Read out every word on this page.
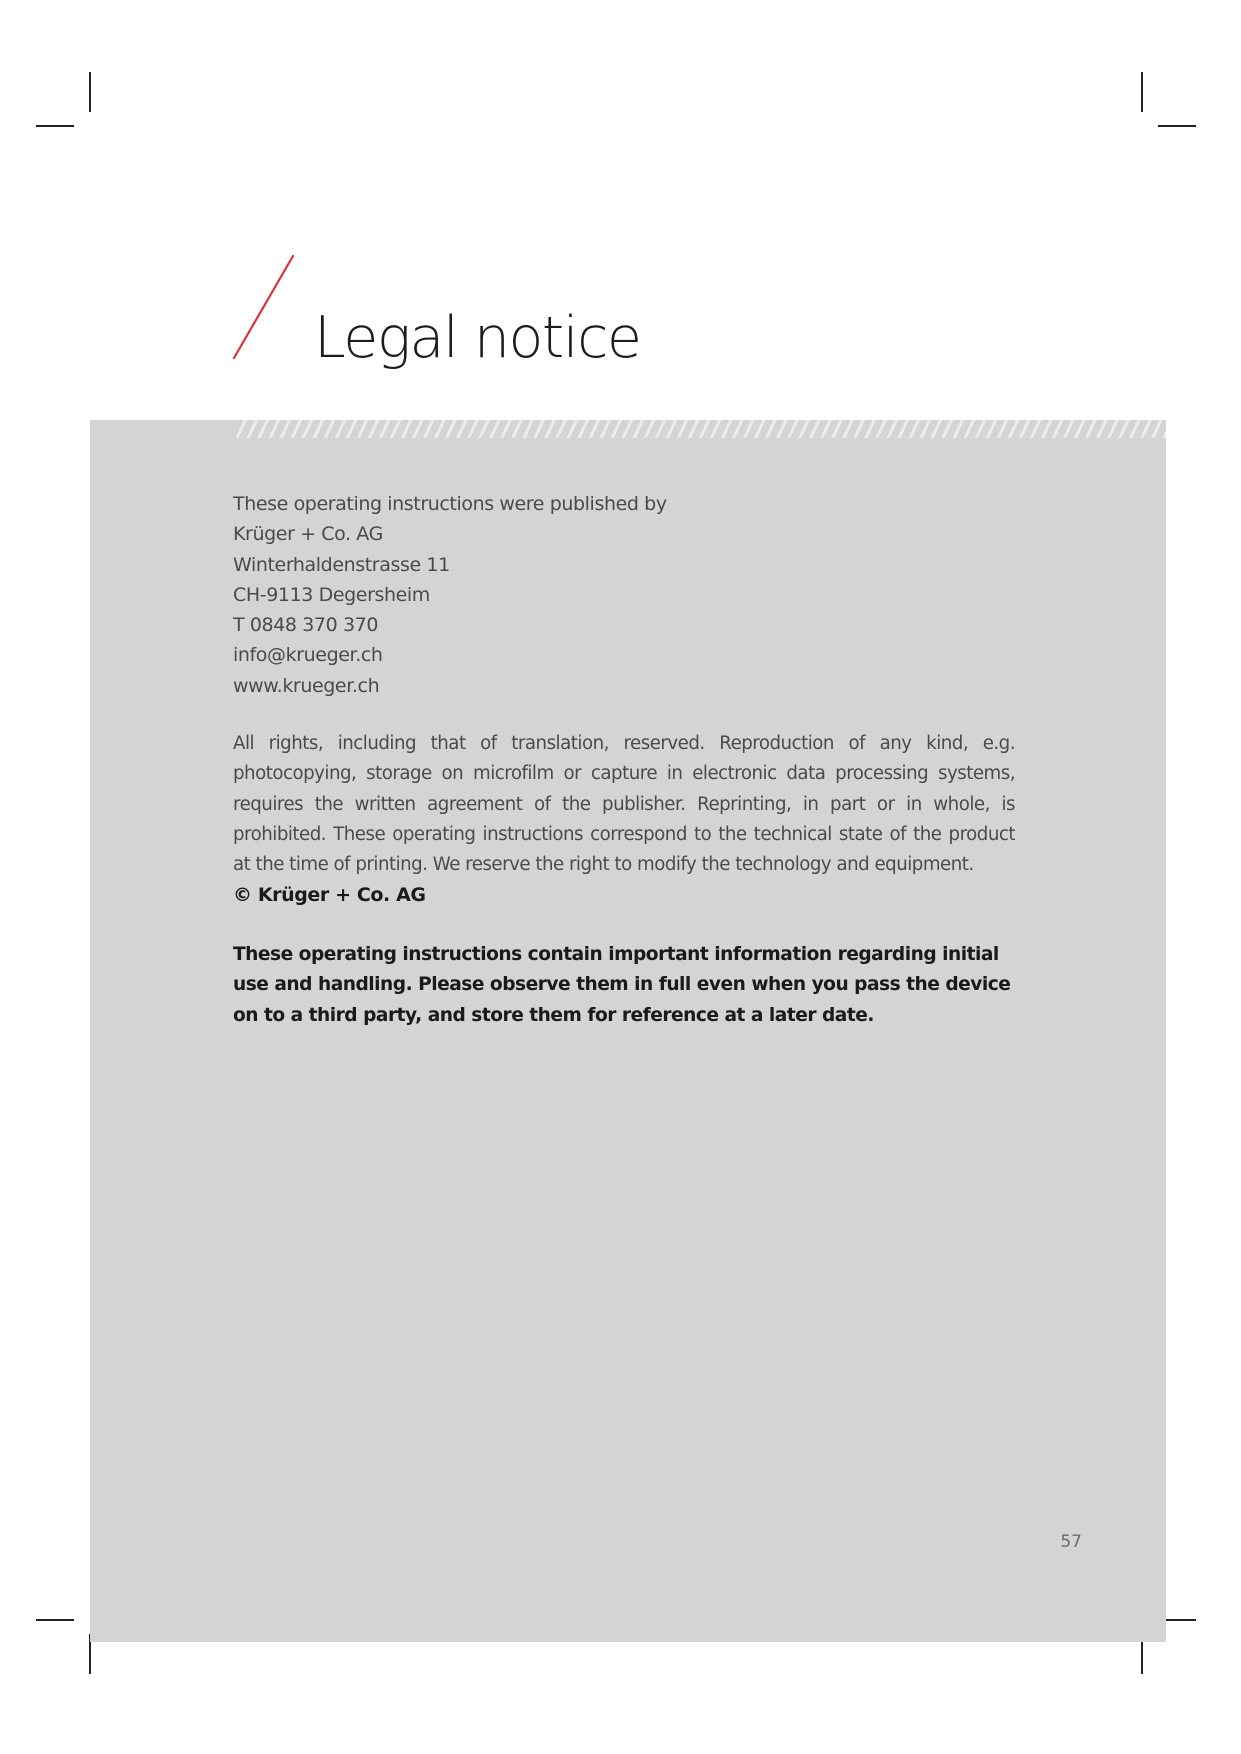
Legal notice
These operating instructions were published by
Krüger + Co. AG
Winterhaldenstrasse 11
CH-9113 Degersheim
T 0848 370 370
info@krueger.ch
www.krueger.ch

All rights, including that of translation, reserved. Reproduction of any kind, e.g. photocopying, storage on microfilm or capture in electronic data processing systems, requires the written agreement of the publisher. Reprinting, in part or in whole, is prohibited. These operating instructions correspond to the technical state of the product at the time of printing. We reserve the right to modify the technology and equipment.

© Krüger + Co. AG

These operating instructions contain important information regarding initial use and handling. Please observe them in full even when you pass the device on to a third party, and store them for reference at a later date.

57
